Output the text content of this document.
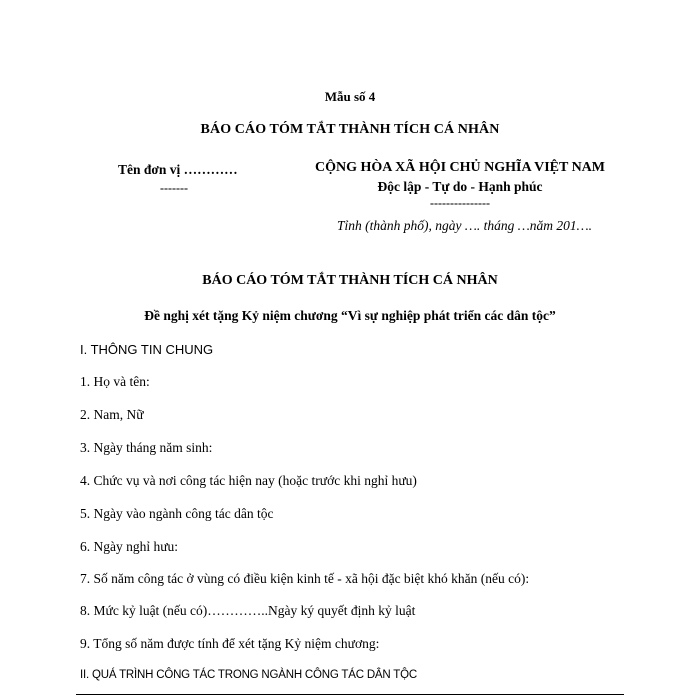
Mẫu số 4
BÁO CÁO TÓM TẮT THÀNH TÍCH CÁ NHÂN
Tên đơn vị …………
-------
CỘNG HÒA XÃ HỘI CHỦ NGHĨA VIỆT NAM
Độc lập - Tự do - Hạnh phúc
---------------
Tỉnh (thành phố), ngày …. tháng …năm 201….
BÁO CÁO TÓM TẮT THÀNH TÍCH CÁ NHÂN
Đề nghị xét tặng Kỷ niệm chương “Vì sự nghiệp phát triển các dân tộc”
I. THÔNG TIN CHUNG
1. Họ và tên:
2. Nam, Nữ
3. Ngày tháng năm sinh:
4. Chức vụ và nơi công tác hiện nay (hoặc trước khi nghỉ hưu)
5. Ngày vào ngành công tác dân tộc
6. Ngày nghỉ hưu:
7. Số năm công tác ở vùng có điều kiện kinh tế - xã hội đặc biệt khó khăn (nếu có):
8. Mức kỷ luật (nếu có)…………..Ngày ký quyết định kỷ luật
9. Tổng số năm được tính để xét tặng Kỷ niệm chương:
II. QUÁ TRÌNH CÔNG TÁC TRONG NGÀNH CÔNG TÁC DÂN TỘC
